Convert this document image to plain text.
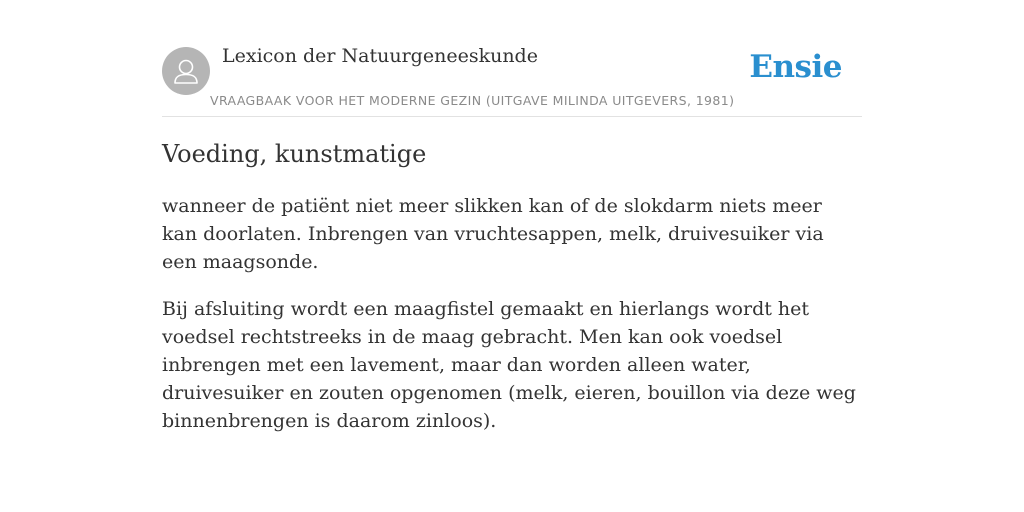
Lexicon der Natuurgeneeskunde
VRAAGBAAK VOOR HET MODERNE GEZIN (UITGAVE MILINDA UITGEVERS, 1981)
Ensie
Voeding, kunstmatige

wanneer de patiënt niet meer slikken kan of de slokdarm niets meer kan doorlaten. Inbrengen van vruchtesappen, melk, druivesuiker via een maagsonde.

Bij afsluiting wordt een maagfistel gemaakt en hierlangs wordt het voedsel rechtstreeks in de maag gebracht. Men kan ook voedsel inbrengen met een lavement, maar dan worden alleen water, druivesuiker en zouten opgenomen (melk, eieren, bouillon via deze weg binnenbrengen is daarom zinloos).
